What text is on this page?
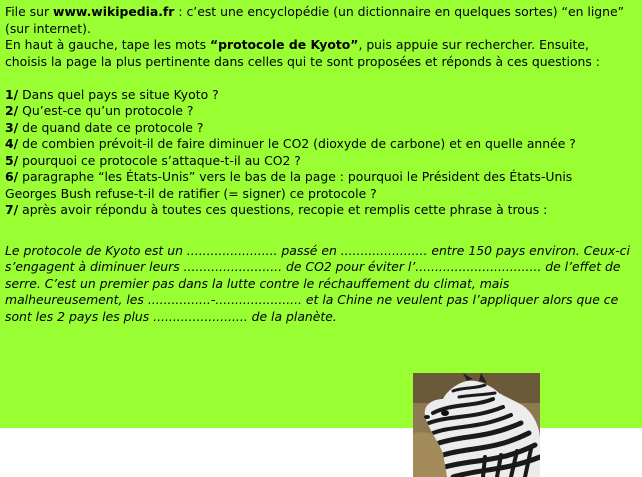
File sur www.wikipedia.fr : c’est une encyclopédie (un dictionnaire en quelques sortes) “en ligne”

(sur internet).

En haut à gauche, tape les mots “protocole de Kyoto”, puis appuie sur rechercher. Ensuite,

choisis la page la plus pertinente dans celles qui te sont proposées et réponds à ces questions :

1/ Dans quel pays se situe Kyoto ?

2/ Qu’est-ce qu’un protocole ?

3/ de quand date ce protocole ?

4/ de combien prévoit-il de faire diminuer le CO2 (dioxyde de carbone) et en quelle année ?

5/ pourquoi ce protocole s’attaque-t-il au CO2 ?

6/ paragraphe “les États-Unis” vers le bas de la page : pourquoi le Président des États-Unis

Georges Bush refuse-t-il de ratifier (= signer) ce protocole ?

7/ après avoir répondu à toutes ces questions, recopie et remplis cette phrase à trous :

Le protocole de Kyoto est un ....................... passé en ...................... entre 150 pays environ. Ceux-ci

s’engagent à diminuer leurs ......................... de CO2 pour éviter l’................................ de l’effet de

serre. C’est un premier pas dans la lutte contre le réchauffement du climat, mais

malheureusement, les ................-...................... et la Chine ne veulent pas l’appliquer alors que ce

sont les 2 pays les plus ........................ de la planète.
